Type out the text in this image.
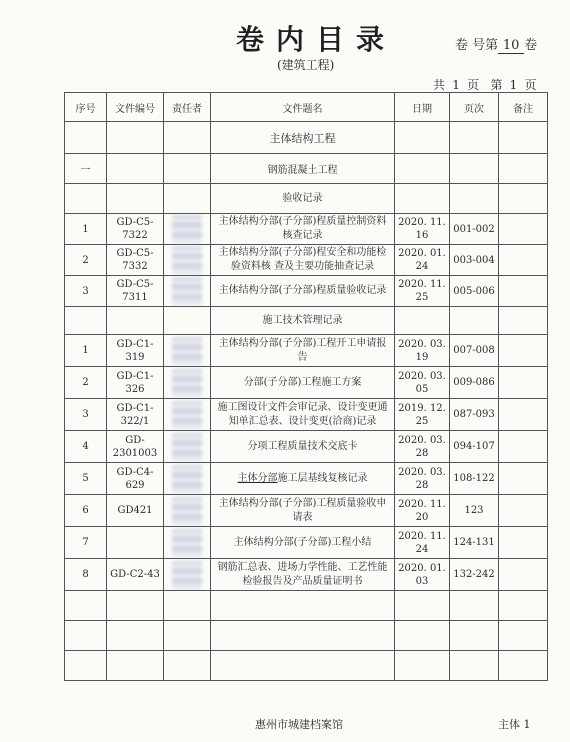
卷内目录	卷 号第 10 卷
(建筑工程)
共 1 页 第 1 页
序号	文件编号	责任者	文件题名	日期	页次	备注
			主体结构工程			
一			钢筋混凝土工程			
			验收记录			
1	GD-C5-7322		主体结构分部(子分部)程质量控制资料核查记录	2020. 11. 16	001-002	
2	GD-C5-7332		主体结构分部(子分部)程安全和功能检验资料核 查及主要功能抽查记录	2020. 01. 24	003-004	
3	GD-C5-7311		主体结构分部(子分部)程质量验收记录	2020. 11. 25	005-006	
			施工技术管理记录			
1	GD-C1-319		主体结构分部(子分部)工程开工申请报告	2020. 03. 19	007-008	
2	GD-C1-326		分部(子分部)工程施工方案	2020. 03. 05	009-086	
3	GD-C1-322/1		施工图设计文件会审记录、设计变更通知单汇总表、设计变更(洽商)记录	2019. 12. 25	087-093	
4	GD-2301003		分项工程质量技术交底卡	2020. 03. 28	094-107	
5	GD-C4-629		主体分部施工层基线复核记录	2020. 03. 28	108-122	
6	GD421		主体结构分部(子分部)工程质量验收申请表	2020. 11. 20	123	
7			主体结构分部(子分部)工程小结	2020. 11. 24	124-131	
8	GD-C2-43		钢筋汇总表、进场力学性能、工艺性能检验报告及产品质量证明书	2020. 01. 03	132-242	

惠州市城建档案馆	主体 1
